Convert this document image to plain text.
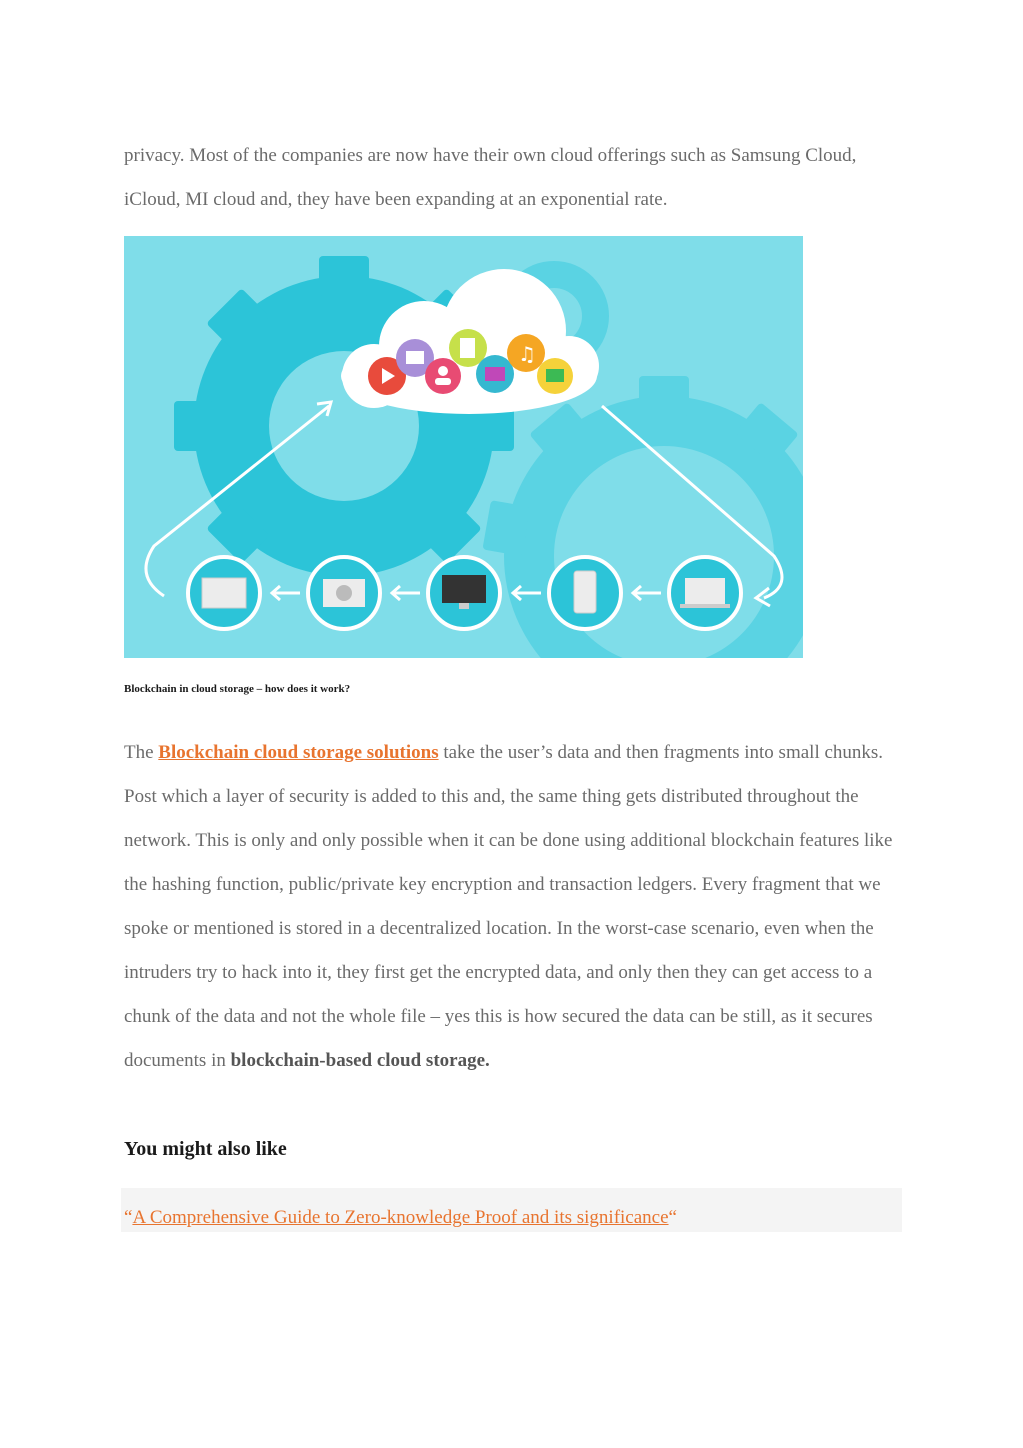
privacy. Most of the companies are now have their own cloud offerings such as Samsung Cloud, iCloud, MI cloud and, they have been expanding at an exponential rate.

♫
Blockchain in cloud storage – how does it work?

The Blockchain cloud storage solutions take the user’s data and then fragments into small chunks. Post which a layer of security is added to this and, the same thing gets distributed throughout the network. This is only and only possible when it can be done using additional blockchain features like the hashing function, public/private key encryption and transaction ledgers. Every fragment that we spoke or mentioned is stored in a decentralized location. In the worst-case scenario, even when the intruders try to hack into it, they first get the encrypted data, and only then they can get access to a chunk of the data and not the whole file – yes this is how secured the data can be still, as it secures documents in blockchain-based cloud storage.

You might also like
“A Comprehensive Guide to Zero-knowledge Proof and its significance“
